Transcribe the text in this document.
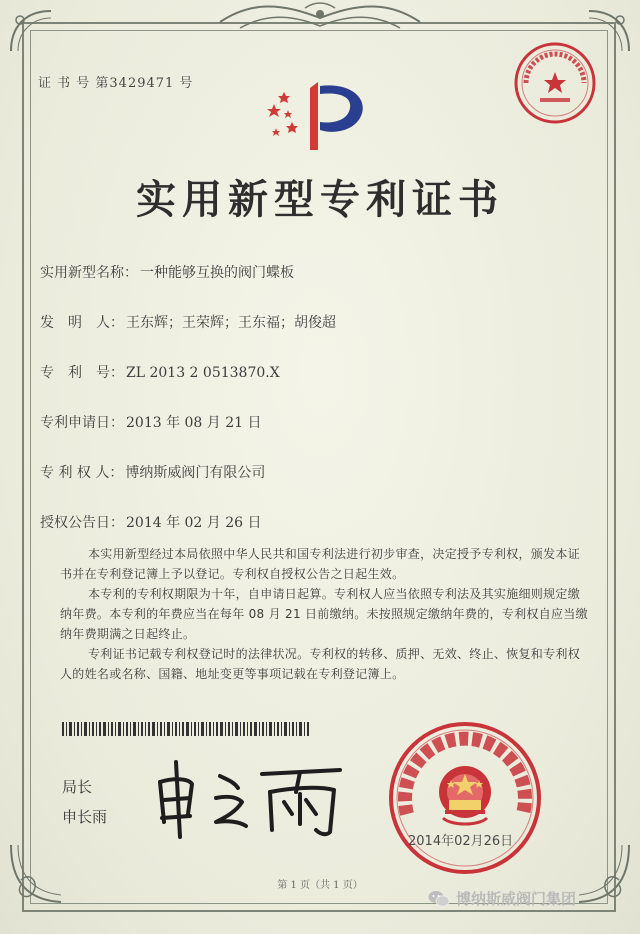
证 书 号 第3429471 号
实用新型专利证书
实用新型名称： 一种能够互换的阀门蝶板
发　明　人： 王东辉；王荣辉；王东福；胡俊超
专　利　号： ZL 2013 2 0513870.X
专利申请日： 2013 年 08 月 21 日
专 利 权 人： 博纳斯威阀门有限公司
授权公告日： 2014 年 02 月 26 日

本实用新型经过本局依照中华人民共和国专利法进行初步审查，决定授予专利权，颁发本证书并在专利登记簿上予以登记。专利权自授权公告之日起生效。

本专利的专利权期限为十年，自申请日起算。专利权人应当依照专利法及其实施细则规定缴纳年费。本专利的年费应当在每年 08 月 21 日前缴纳。未按照规定缴纳年费的，专利权自应当缴纳年费期满之日起终止。

专利证书记载专利权登记时的法律状况。专利权的转移、质押、无效、终止、恢复和专利权人的姓名或名称、国籍、地址变更等事项记载在专利登记簿上。

局长
申长雨
2014年02月26日
第 1 页（共 1 页）
博纳斯威阀门集团
